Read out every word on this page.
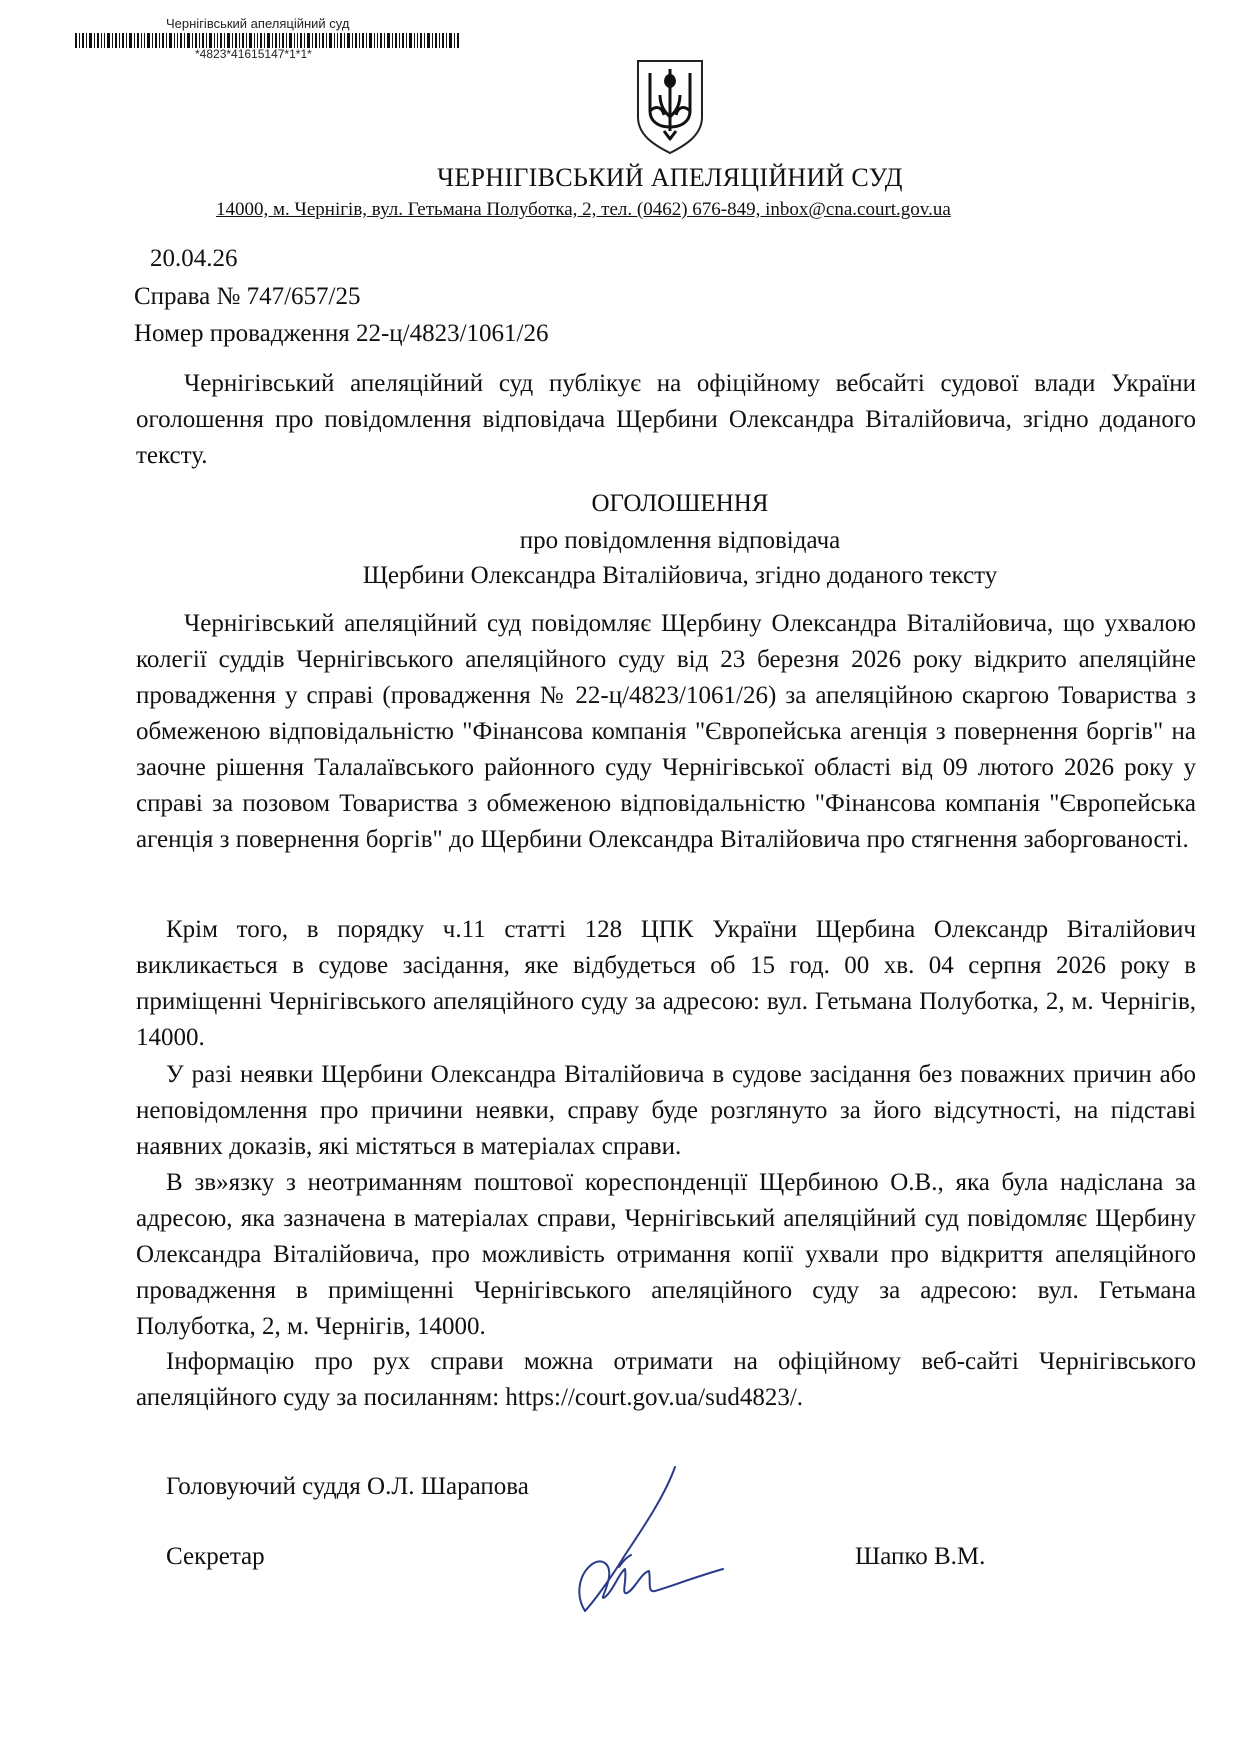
Чернігівський апеляційний суд
*4823*41615147*1*1*
ЧЕРНІГІВСЬКИЙ АПЕЛЯЦІЙНИЙ СУД
14000, м. Чернігів, вул. Гетьмана Полуботка, 2, тел. (0462) 676-849, inbox@cna.court.gov.ua
20.04.26
Справа № 747/657/25
Номер провадження 22-ц/4823/1061/26

Чернігівський апеляційний суд публікує на офіційному вебсайті судової влади України оголошення про повідомлення відповідача Щербини Олександра Віталійовича, згідно доданого тексту.

ОГОЛОШЕННЯ
про повідомлення відповідача
Щербини Олександра Віталійовича, згідно доданого тексту

Чернігівський апеляційний суд повідомляє Щербину Олександра Віталійовича, що ухвалою колегії суддів Чернігівського апеляційного суду від 23 березня 2026 року відкрито апеляційне провадження у справі (провадження № 22-ц/4823/1061/26) за апеляційною скаргою Товариства з обмеженою відповідальністю "Фінансова компанія "Європейська агенція з повернення боргів" на заочне рішення Талалаївського районного суду Чернігівської області від 09 лютого 2026 року у справі за позовом Товариства з обмеженою відповідальністю "Фінансова компанія "Європейська агенція з повернення боргів" до Щербини Олександра Віталійовича про стягнення заборгованості.

Крім того, в порядку ч.11 статті 128 ЦПК України Щербина Олександр Віталійович викликається в судове засідання, яке відбудеться об 15 год. 00 хв. 04 серпня 2026 року в приміщенні Чернігівського апеляційного суду за адресою: вул. Гетьмана Полуботка, 2, м. Чернігів, 14000.

У разі неявки Щербини Олександра Віталійовича в судове засідання без поважних причин або неповідомлення про причини неявки, справу буде розглянуто за його відсутності, на підставі наявних доказів, які містяться в матеріалах справи.

В зв»язку з неотриманням поштової кореспонденції Щербиною О.В., яка була надіслана за адресою, яка зазначена в матеріалах справи, Чернігівський апеляційний суд повідомляє Щербину Олександра Віталійовича, про можливість отримання копії ухвали про відкриття апеляційного провадження в приміщенні Чернігівського апеляційного суду за адресою: вул. Гетьмана Полуботка, 2, м. Чернігів, 14000.

Інформацію про рух справи можна отримати на офіційному веб-сайті Чернігівського апеляційного суду за посиланням: https://court.gov.ua/sud4823/.

Головуючий суддя О.Л. Шарапова
Секретар	Шапко В.М.
